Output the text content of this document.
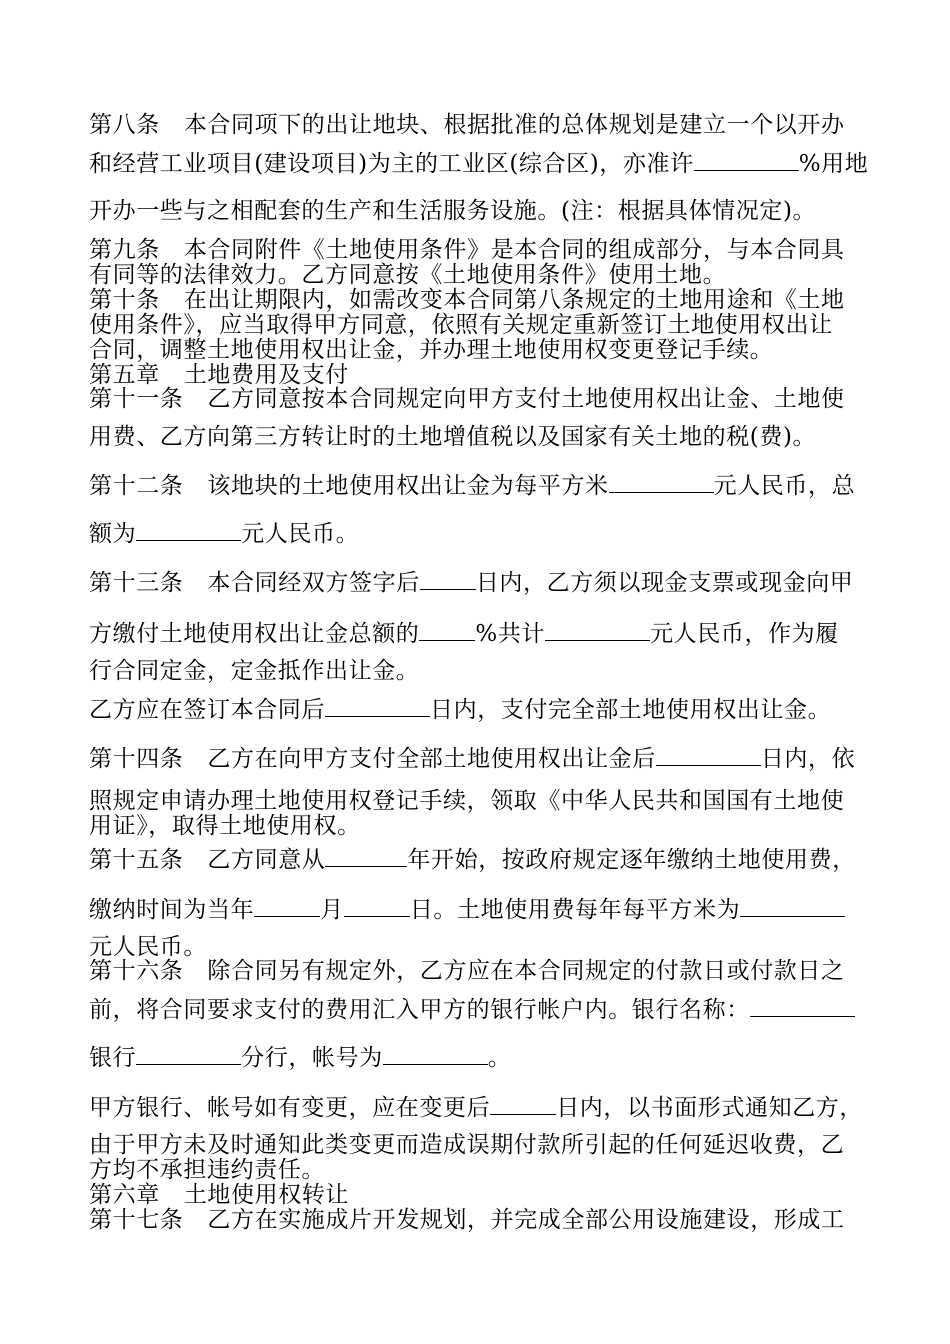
第八条 本合同项下的出让地块、根据批准的总体规划是建立一个以开办
和经营工业项目(建设项目)为主的工业区(综合区)，亦准许	%用地
开办一些与之相配套的生产和生活服务设施。(注：根据具体情况定)。
第九条 本合同附件《土地使用条件》是本合同的组成部分，与本合同具
有同等的法律效力。乙方同意按《土地使用条件》使用土地。
第十条 在出让期限内，如需改变本合同第八条规定的土地用途和《土地
使用条件》，应当取得甲方同意，依照有关规定重新签订土地使用权出让
合同，调整土地使用权出让金，并办理土地使用权变更登记手续。
第五章 土地费用及支付
第十一条 乙方同意按本合同规定向甲方支付土地使用权出让金、土地使
用费、乙方向第三方转让时的土地增值税以及国家有关土地的税(费)。
第十二条 该地块的土地使用权出让金为每平方米	元人民币，总
额为	元人民币。
第十三条 本合同经双方签字后 日内，乙方须以现金支票或现金向甲
方缴付土地使用权出让金总额的 %共计	元人民币，作为履
行合同定金，定金抵作出让金。
乙方应在签订本合同后	日内，支付完全部土地使用权出让金。
第十四条 乙方在向甲方支付全部土地使用权出让金后	日内，依
照规定申请办理土地使用权登记手续，领取《中华人民共和国国有土地使
用证》，取得土地使用权。
第十五条 乙方同意从	年开始，按政府规定逐年缴纳土地使用费，
缴纳时间为当年	月	日。土地使用费每年每平方米为
元人民币。
第十六条 除合同另有规定外，乙方应在本合同规定的付款日或付款日之
前，将合同要求支付的费用汇入甲方的银行帐户内。银行名称：
银行	分行，帐号为	。
甲方银行、帐号如有变更，应在变更后	日内，以书面形式通知乙方，
由于甲方未及时通知此类变更而造成误期付款所引起的任何延迟收费，乙
方均不承担违约责任。
第六章 土地使用权转让
第十七条 乙方在实施成片开发规划，并完成全部公用设施建设，形成工
